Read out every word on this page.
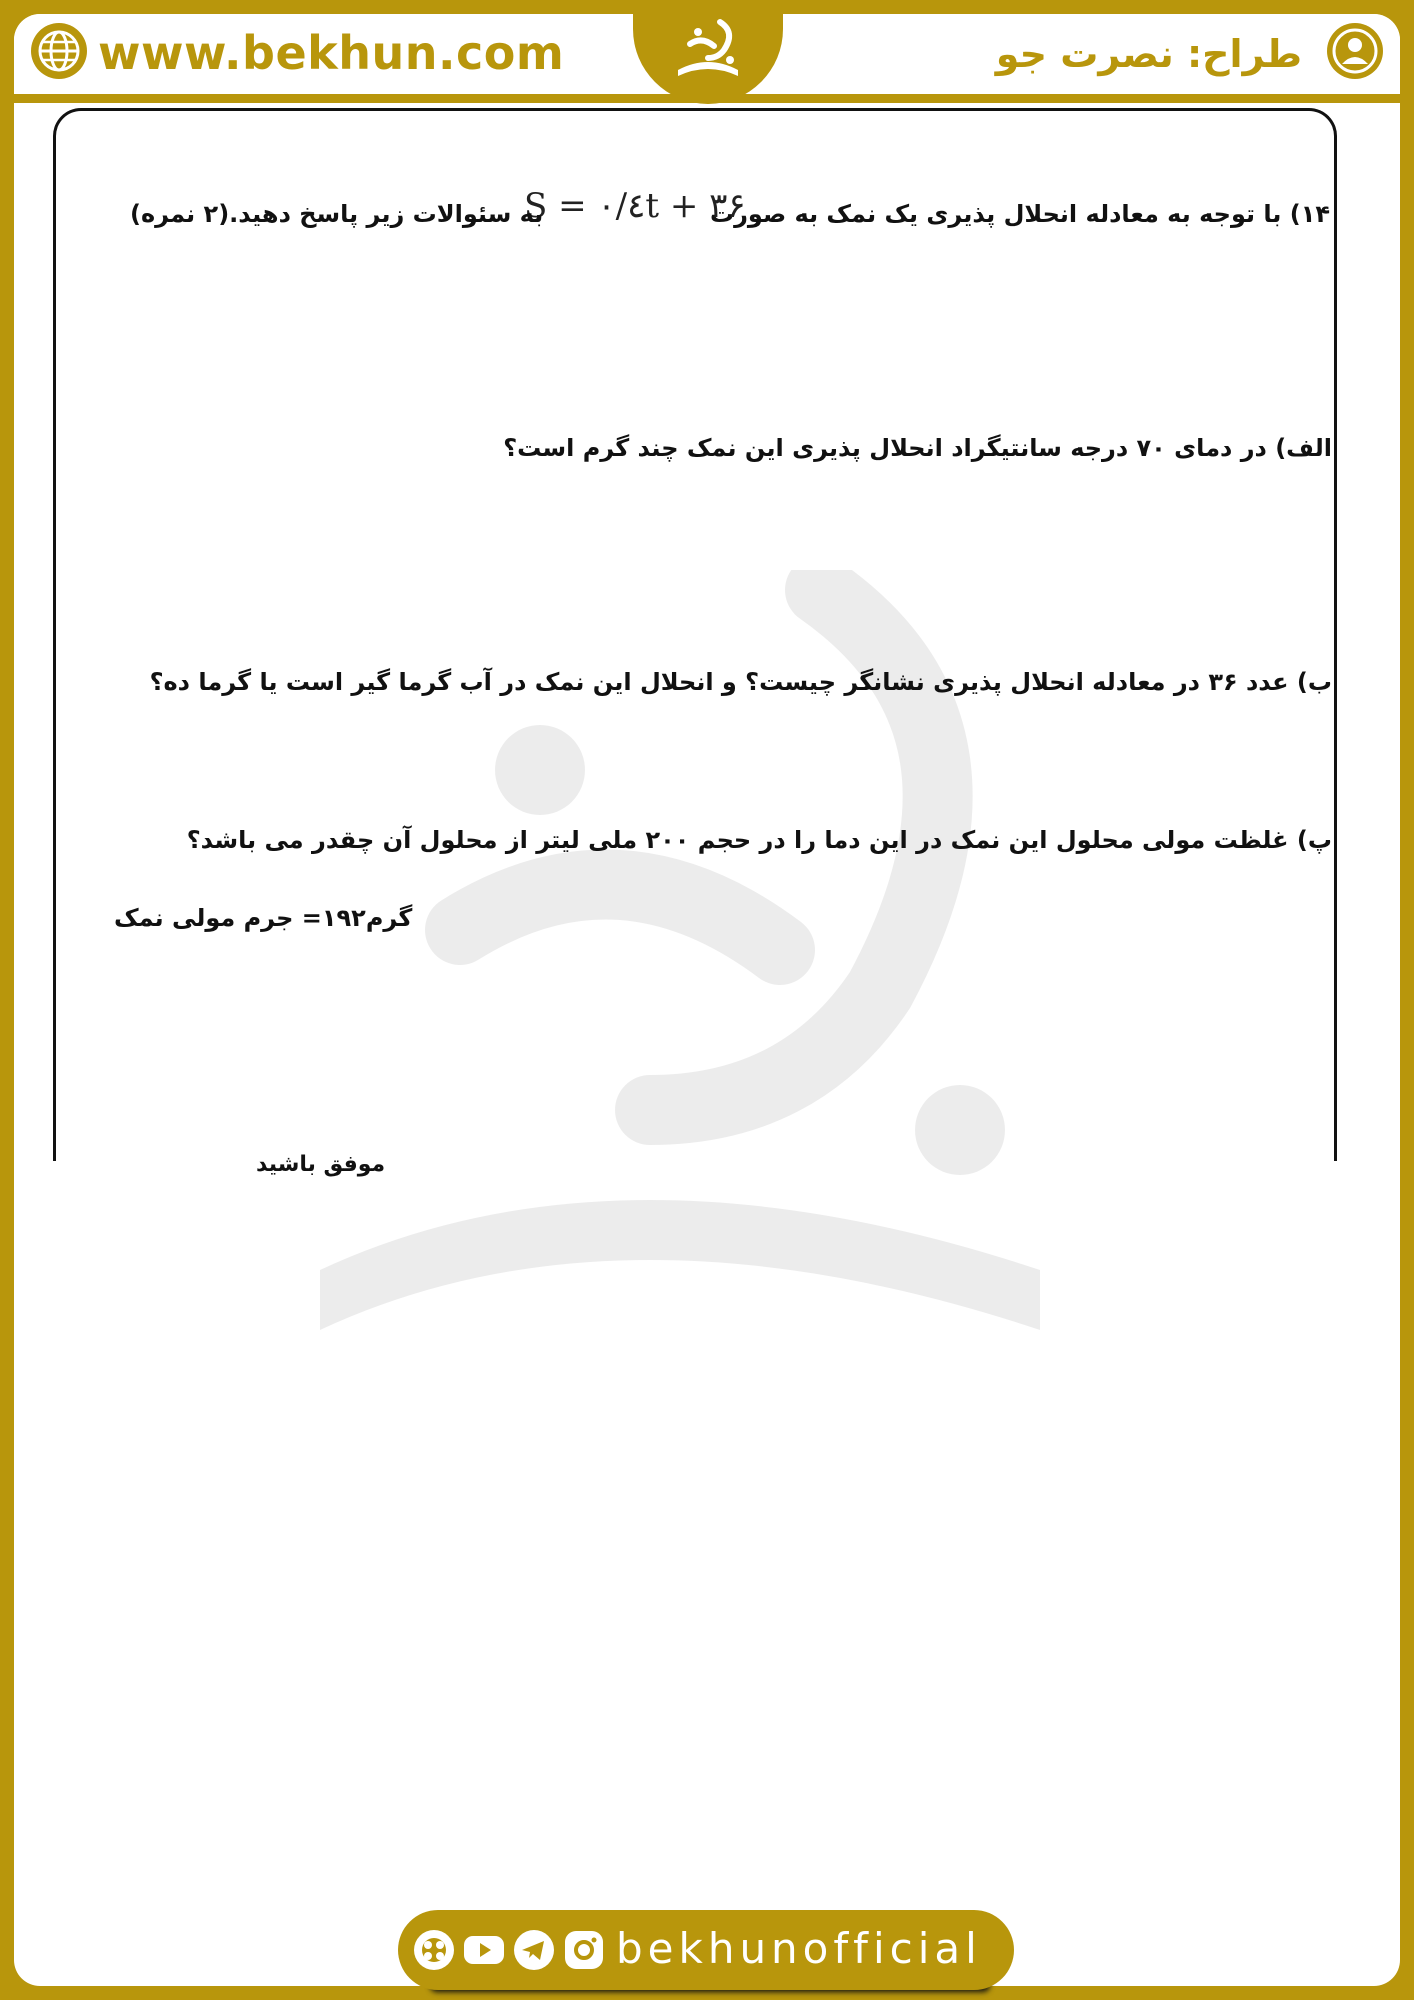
www.bekhun.com	طراح: نصرت جو
۱۴) با توجه به معادله انحلال پذیری یک نمک به صورت
S = ۰/٤t + ۳۶
به سئوالات زیر پاسخ دهید.(۲ نمره)
الف) در دمای ۷۰ درجه سانتیگراد انحلال پذیری این نمک چند گرم است؟
ب) عدد ۳۶ در معادله انحلال پذیری نشانگر چیست؟ و انحلال این نمک در آب گرما گیر است یا گرما ده؟
پ) غلظت مولی محلول این نمک در این دما را در حجم ۲۰۰ ملی لیتر از محلول آن چقدر می باشد؟
گرم۱۹۲= جرم مولی نمک
موفق باشید
bekhunofficial
